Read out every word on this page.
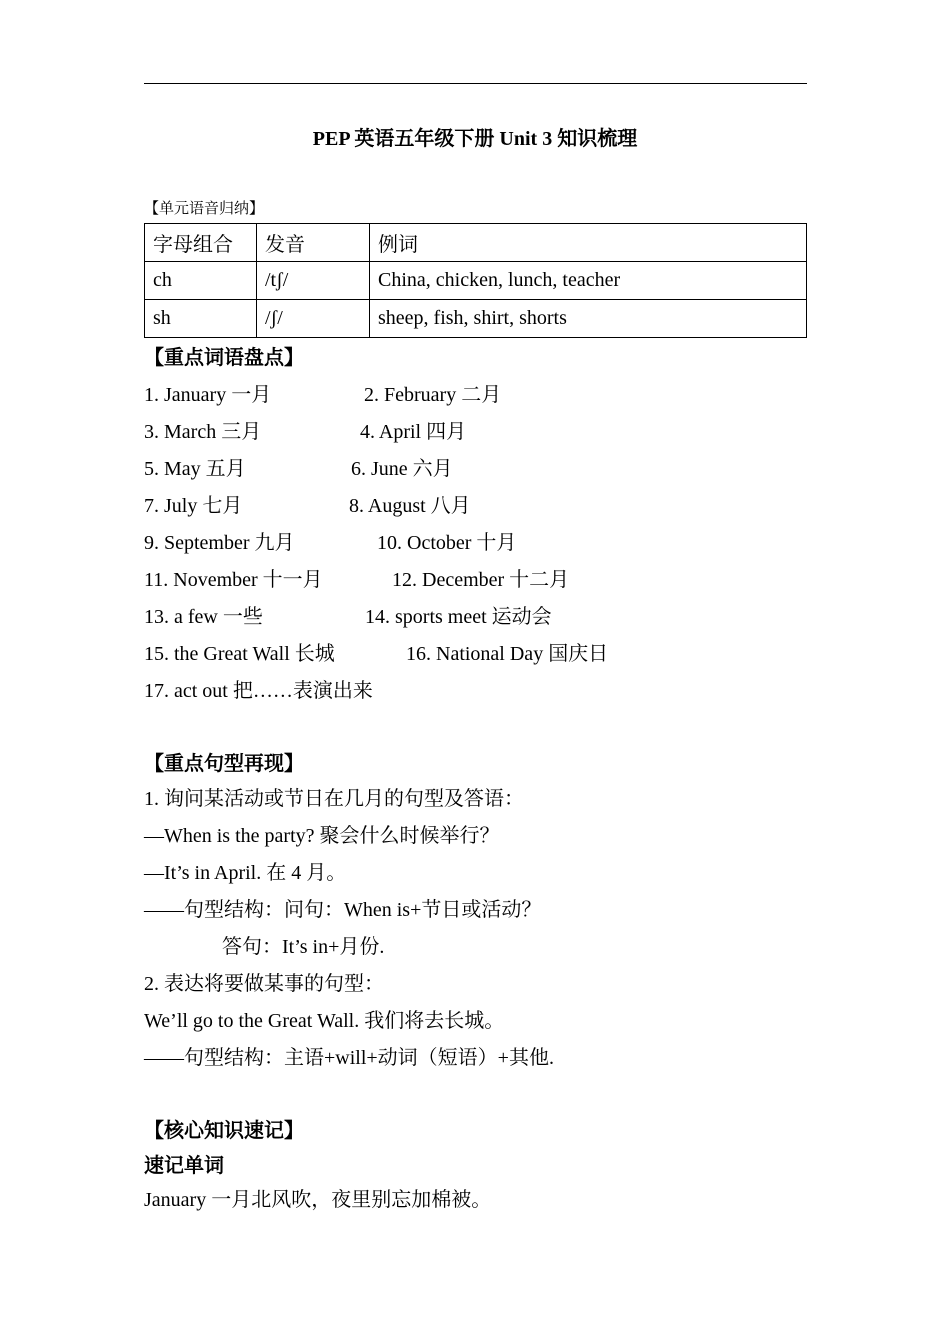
PEP 英语五年级下册 Unit 3 知识梳理
【单元语音归纳】
字母组合	发音	例词
ch	/tʃ/	China, chicken, lunch, teacher
sh	/ʃ/	sheep, fish, shirt, shorts
【重点词语盘点】
1. January 一月	2. February 二月
3. March 三月	4. April 四月
5. May 五月	6. June 六月
7. July 七月	8. August 八月
9. September 九月	10. October 十月
11. November 十一月	12. December 十二月
13. a few 一些	14. sports meet 运动会
15. the Great Wall 长城	16. National Day 国庆日
17. act out 把……表演出来
【重点句型再现】
1. 询问某活动或节日在几月的句型及答语：
—When is the party? 聚会什么时候举行？
—It’s in April. 在 4 月。
——句型结构：问句：When is+节日或活动？
答句：It’s in+月份.
2. 表达将要做某事的句型：
We’ll go to the Great Wall. 我们将去长城。
——句型结构：主语+will+动词（短语）+其他.
【核心知识速记】
速记单词
January 一月北风吹，夜里别忘加棉被。
